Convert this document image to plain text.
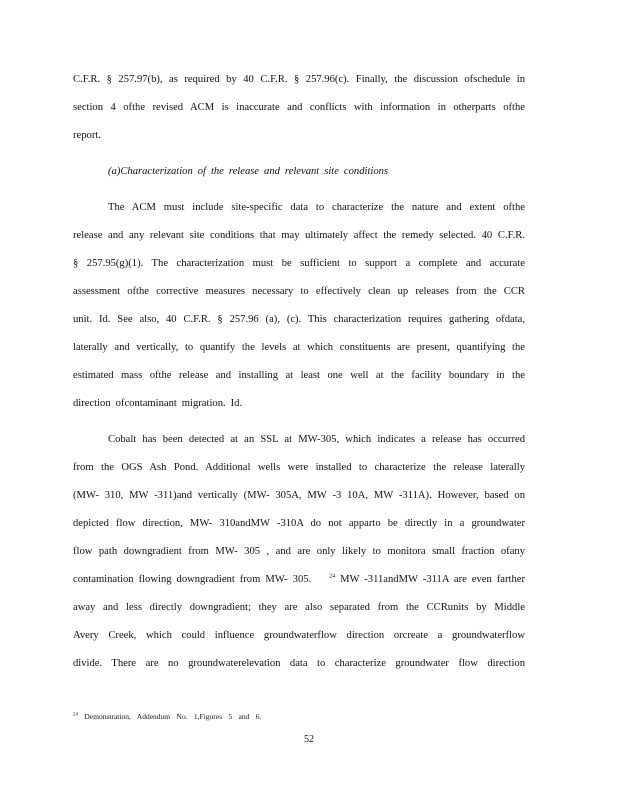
C.F.R. § 257.97(b), as required by 40 C.F.R. § 257.96(c). Finally, the discussion ofschedule in
section 4 ofthe revised ACM is inaccurate and conflicts with information in otherparts ofthe
report.
(a)Characterization of the release and relevant site conditions
The ACM must include site-specific data to characterize the nature and extent ofthe
release and any relevant site conditions that may ultimately affect the remedy selected. 40 C.F.R.
§ 257.95(g)(1). The characterization must be sufficient to support a complete and accurate
assessment ofthe corrective measures necessary to effectively clean up releases from the CCR
unit. Id. See also, 40 C.F.R. § 257.96 (a), (c). This characterization requires gathering ofdata,
laterally and vertically, to quantify the levels at which constituents are present, quantifying the
estimated mass ofthe release and installing at least one well at the facility boundary in the
direction ofcontaminant migration. Id.
Cobalt has been detected at an SSL at MW-305, which indicates a release has occurred
from the OGS Ash Pond. Additional wells were installed to characterize the release laterally
(MW- 310, MW -311)and vertically (MW- 305A, MW -3 10A, MW -311A). However, based on
depicted flow direction, MW- 310andMW -310A do not apparto be directly in a groundwater
flow path downgradient from MW- 305 , and are only likely to monitora small fraction ofany
contamination flowing downgradient from MW- 305.	$^{24}$ MW -311andMW -311A are even farther
away and less directly downgradient; they are also separated from the CCRunits by Middle
Avery Creek, which could influence groundwaterflow direction orcreate a groundwaterflow
divide. There are no groundwaterelevation data to characterize groundwater flow direction
$^{24}$ Demonstration, Addendum No. 1,Figures 5 and 6.
52
